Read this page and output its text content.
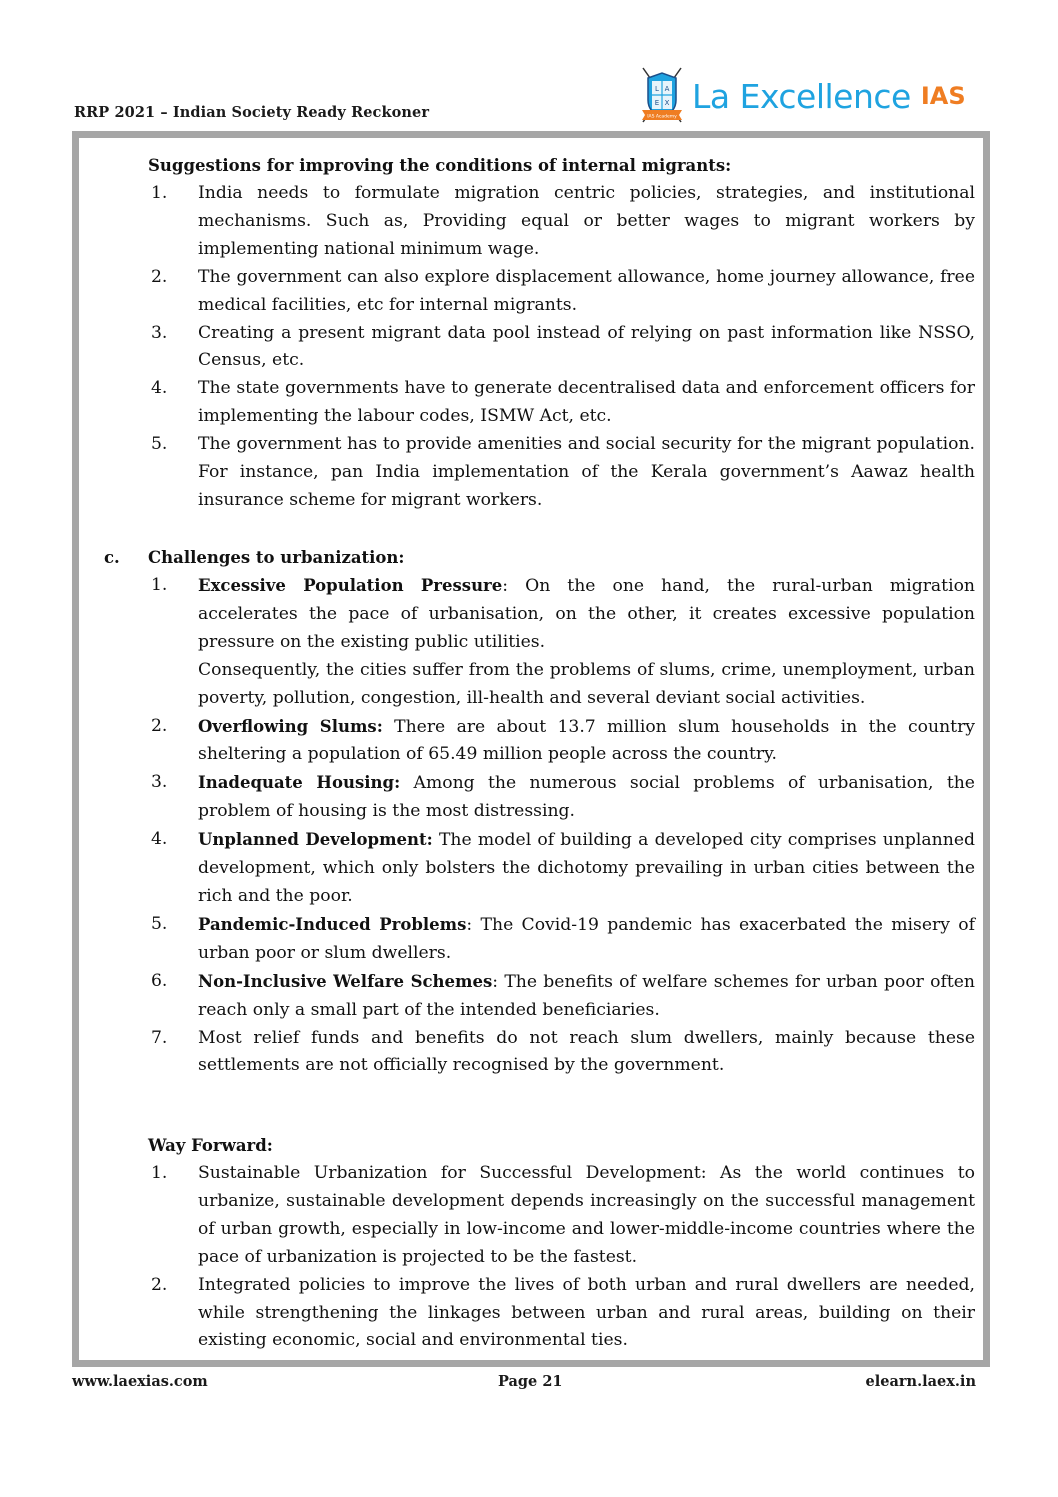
RRP 2021 – Indian Society Ready Reckoner
L A
E X
IAS Academy
La Excellence IAS
Suggestions for improving the conditions of internal migrants:
1. India needs to formulate migration centric policies, strategies, and institutional mechanisms. Such as, Providing equal or better wages to migrant workers by implementing national minimum wage.
2. The government can also explore displacement allowance, home journey allowance, free medical facilities, etc for internal migrants.
3. Creating a present migrant data pool instead of relying on past information like NSSO, Census, etc.
4. The state governments have to generate decentralised data and enforcement officers for implementing the labour codes, ISMW Act, etc.
5. The government has to provide amenities and social security for the migrant population. For instance, pan India implementation of the Kerala government’s Aawaz health insurance scheme for migrant workers.
c. Challenges to urbanization:
1. Excessive Population Pressure: On the one hand, the rural-urban migration accelerates the pace of urbanisation, on the other, it creates excessive population pressure on the existing public utilities.
Consequently, the cities suffer from the problems of slums, crime, unemployment, urban poverty, pollution, congestion, ill-health and several deviant social activities.
2. Overflowing Slums: There are about 13.7 million slum households in the country sheltering a population of 65.49 million people across the country.
3. Inadequate Housing: Among the numerous social problems of urbanisation, the problem of housing is the most distressing.
4. Unplanned Development: The model of building a developed city comprises unplanned development, which only bolsters the dichotomy prevailing in urban cities between the rich and the poor.
5. Pandemic-Induced Problems: The Covid-19 pandemic has exacerbated the misery of urban poor or slum dwellers.
6. Non-Inclusive Welfare Schemes: The benefits of welfare schemes for urban poor often reach only a small part of the intended beneficiaries.
7. Most relief funds and benefits do not reach slum dwellers, mainly because these settlements are not officially recognised by the government.
Way Forward:
1. Sustainable Urbanization for Successful Development: As the world continues to urbanize, sustainable development depends increasingly on the successful management of urban growth, especially in low-income and lower-middle-income countries where the pace of urbanization is projected to be the fastest.
2. Integrated policies to improve the lives of both urban and rural dwellers are needed, while strengthening the linkages between urban and rural areas, building on their existing economic, social and environmental ties.
www.laexias.com	Page 21	elearn.laex.in
